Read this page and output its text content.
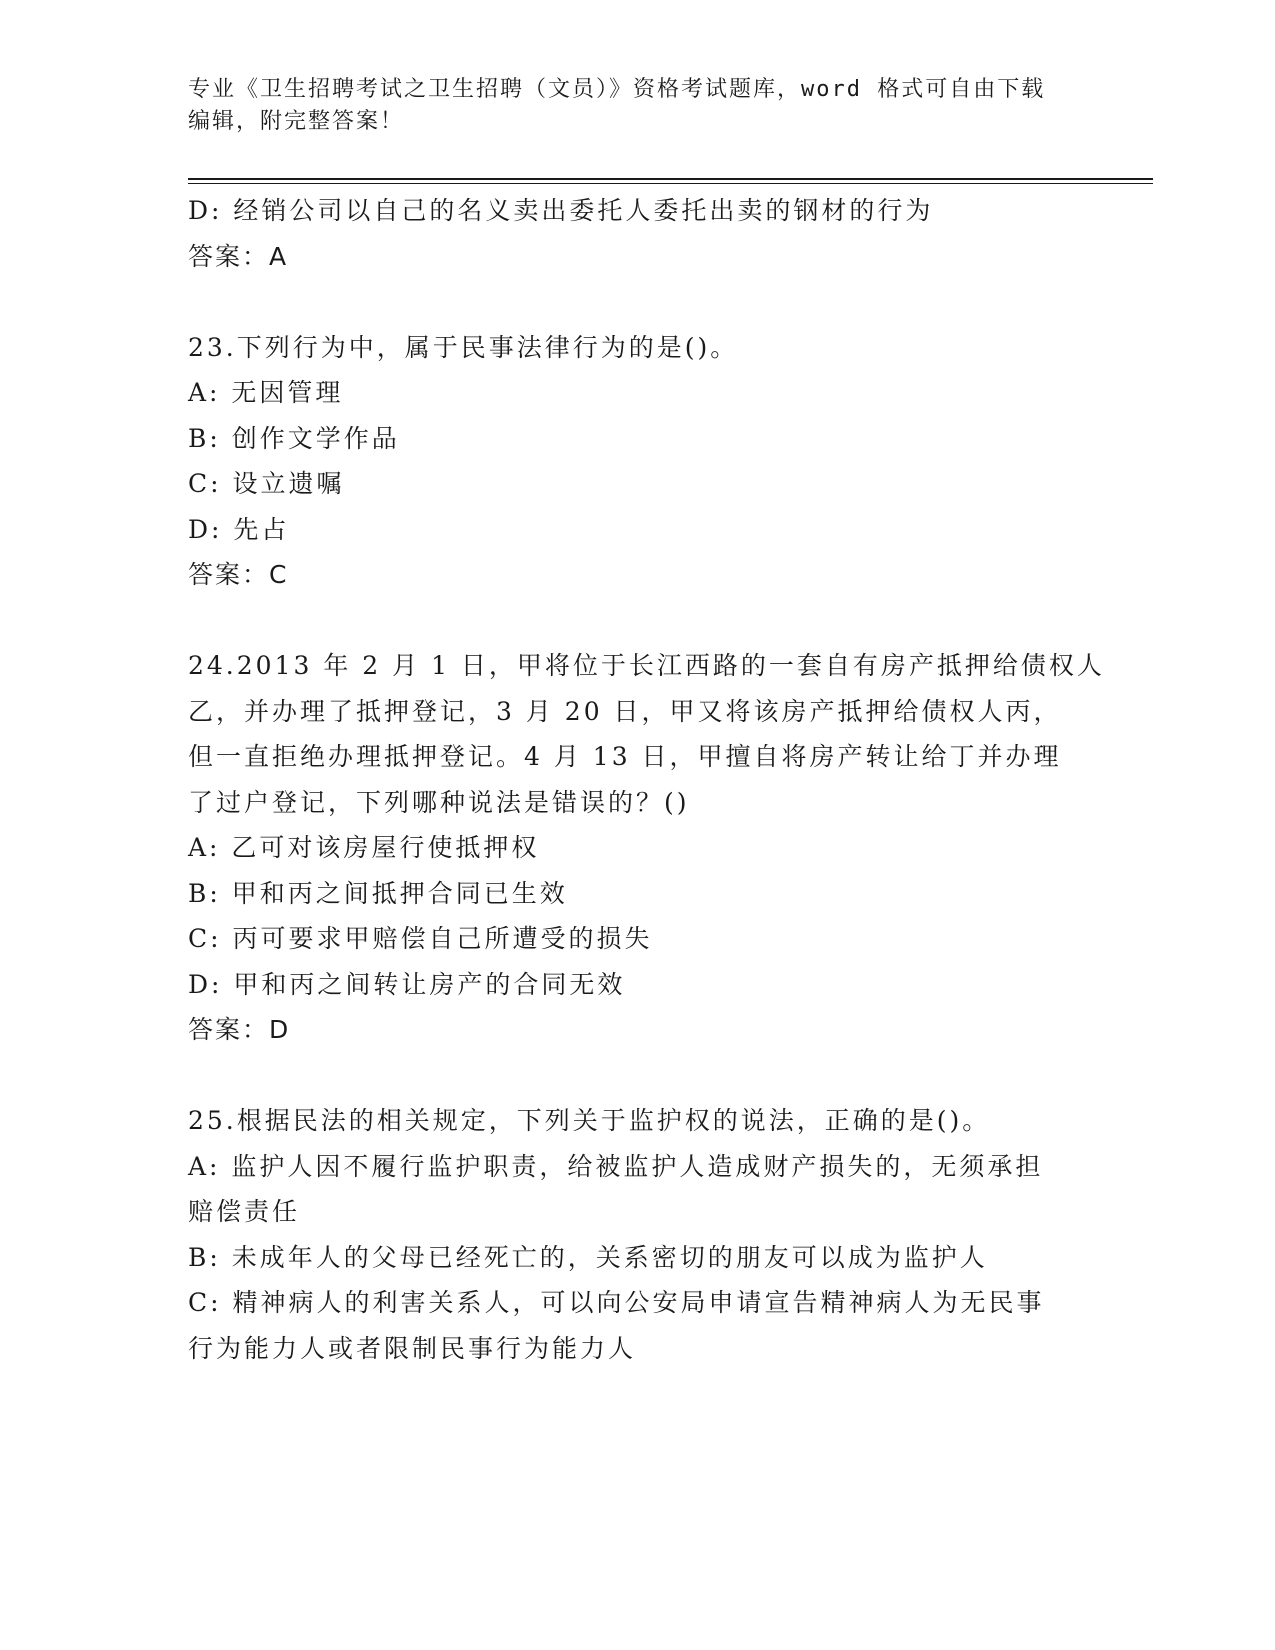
专业《卫生招聘考试之卫生招聘（文员）》资格考试题库，word 格式可自由下载
编辑，附完整答案！
D: 经销公司以自己的名义卖出委托人委托出卖的钢材的行为
答案：A
23.下列行为中，属于民事法律行为的是()。
A: 无因管理
B: 创作文学作品
C: 设立遗嘱
D: 先占
答案：C
24.2013 年 2 月 1 日，甲将位于长江西路的一套自有房产抵押给债权人
乙，并办理了抵押登记，3 月 20 日，甲又将该房产抵押给债权人丙，
但一直拒绝办理抵押登记。4 月 13 日，甲擅自将房产转让给丁并办理
了过户登记，下列哪种说法是错误的？()
A: 乙可对该房屋行使抵押权
B: 甲和丙之间抵押合同已生效
C: 丙可要求甲赔偿自己所遭受的损失
D: 甲和丙之间转让房产的合同无效
答案：D
25.根据民法的相关规定，下列关于监护权的说法，正确的是()。
A: 监护人因不履行监护职责，给被监护人造成财产损失的，无须承担
赔偿责任
B: 未成年人的父母已经死亡的，关系密切的朋友可以成为监护人
C: 精神病人的利害关系人，可以向公安局申请宣告精神病人为无民事
行为能力人或者限制民事行为能力人
